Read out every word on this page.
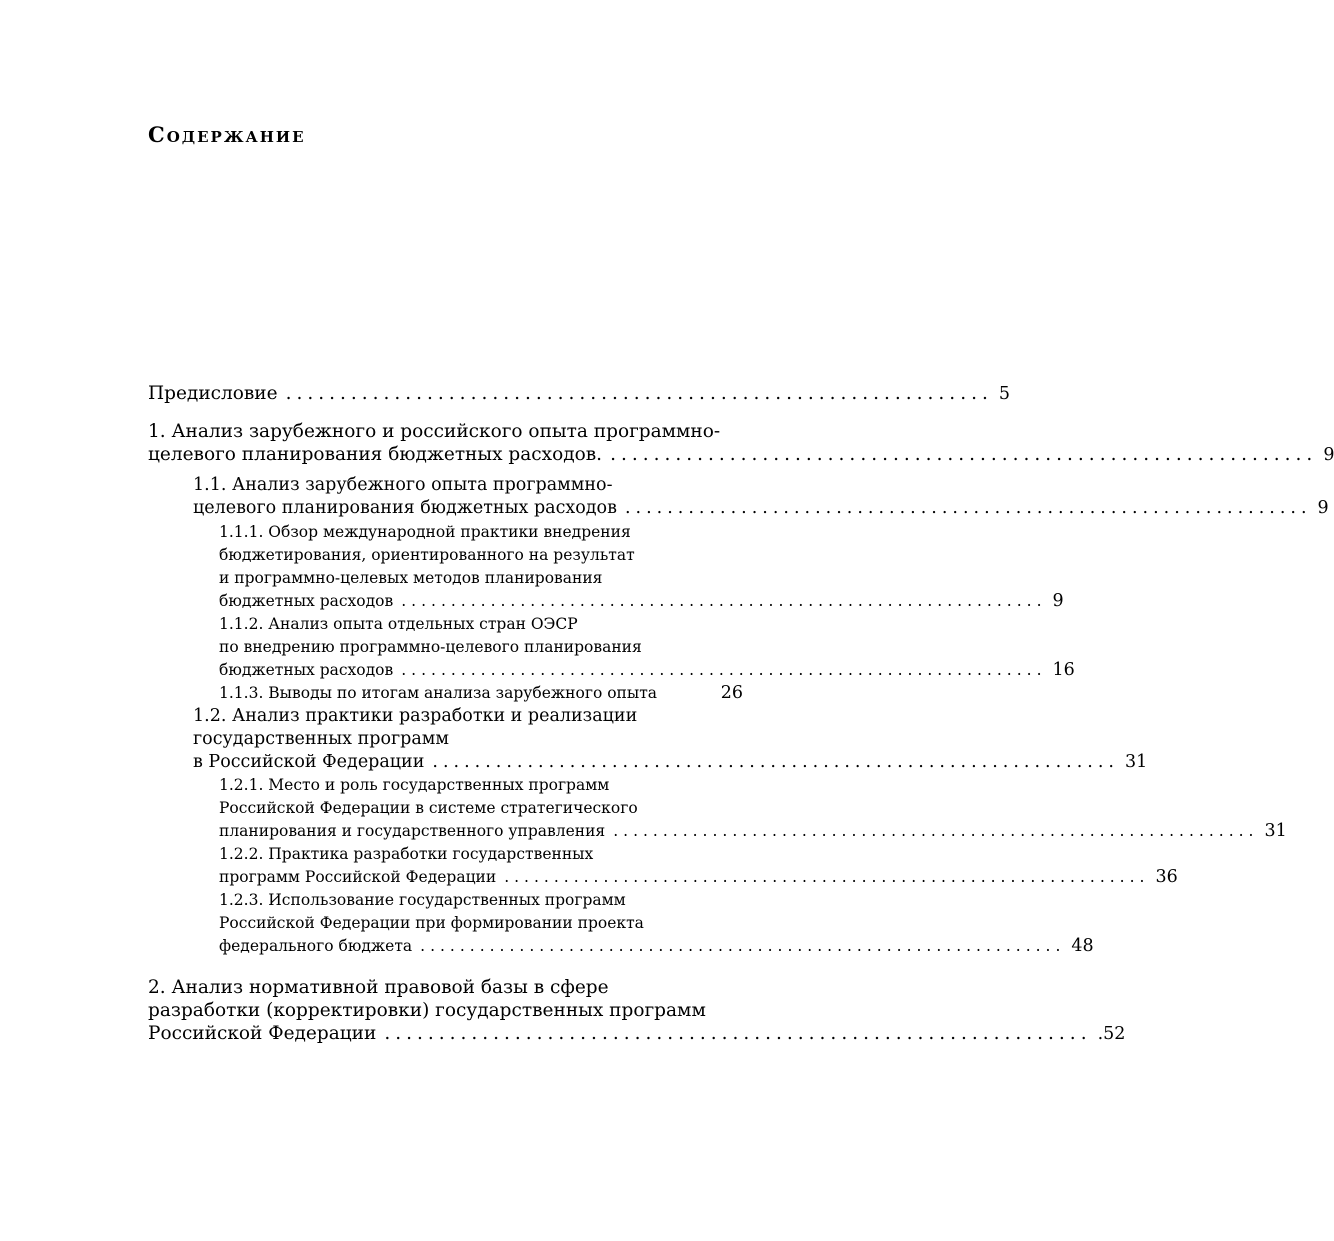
Содержание
Предисловие ................................................................. 5
1. Анализ зарубежного и российского опыта программно-
целевого планирования бюджетных расходов. ................................................................. 9
1.1. Анализ зарубежного опыта программно-
целевого планирования бюджетных расходов ................................................................. 9
1.1.1. Обзор международной практики внедрения
бюджетирования, ориентированного на результат
и программно-целевых методов планирования
бюджетных расходов ................................................................. 9
1.1.2. Анализ опыта отдельных стран ОЭСР
по внедрению программно-целевого планирования
бюджетных расходов ................................................................. 16
1.1.3. Выводы по итогам анализа зарубежного опыта	26
1.2. Анализ практики разработки и реализации
государственных программ
в Российской Федерации ................................................................. 31
1.2.1. Место и роль государственных программ
Российской Федерации в системе стратегического
планирования и государственного управления ................................................................. 31
1.2.2. Практика разработки государственных
программ Российской Федерации ................................................................. 36
1.2.3. Использование государственных программ
Российской Федерации при формировании проекта
федерального бюджета ................................................................. 48
2. Анализ нормативной правовой базы в сфере
разработки (корректировки) государственных программ
Российской Федерации ................................................................. .52
